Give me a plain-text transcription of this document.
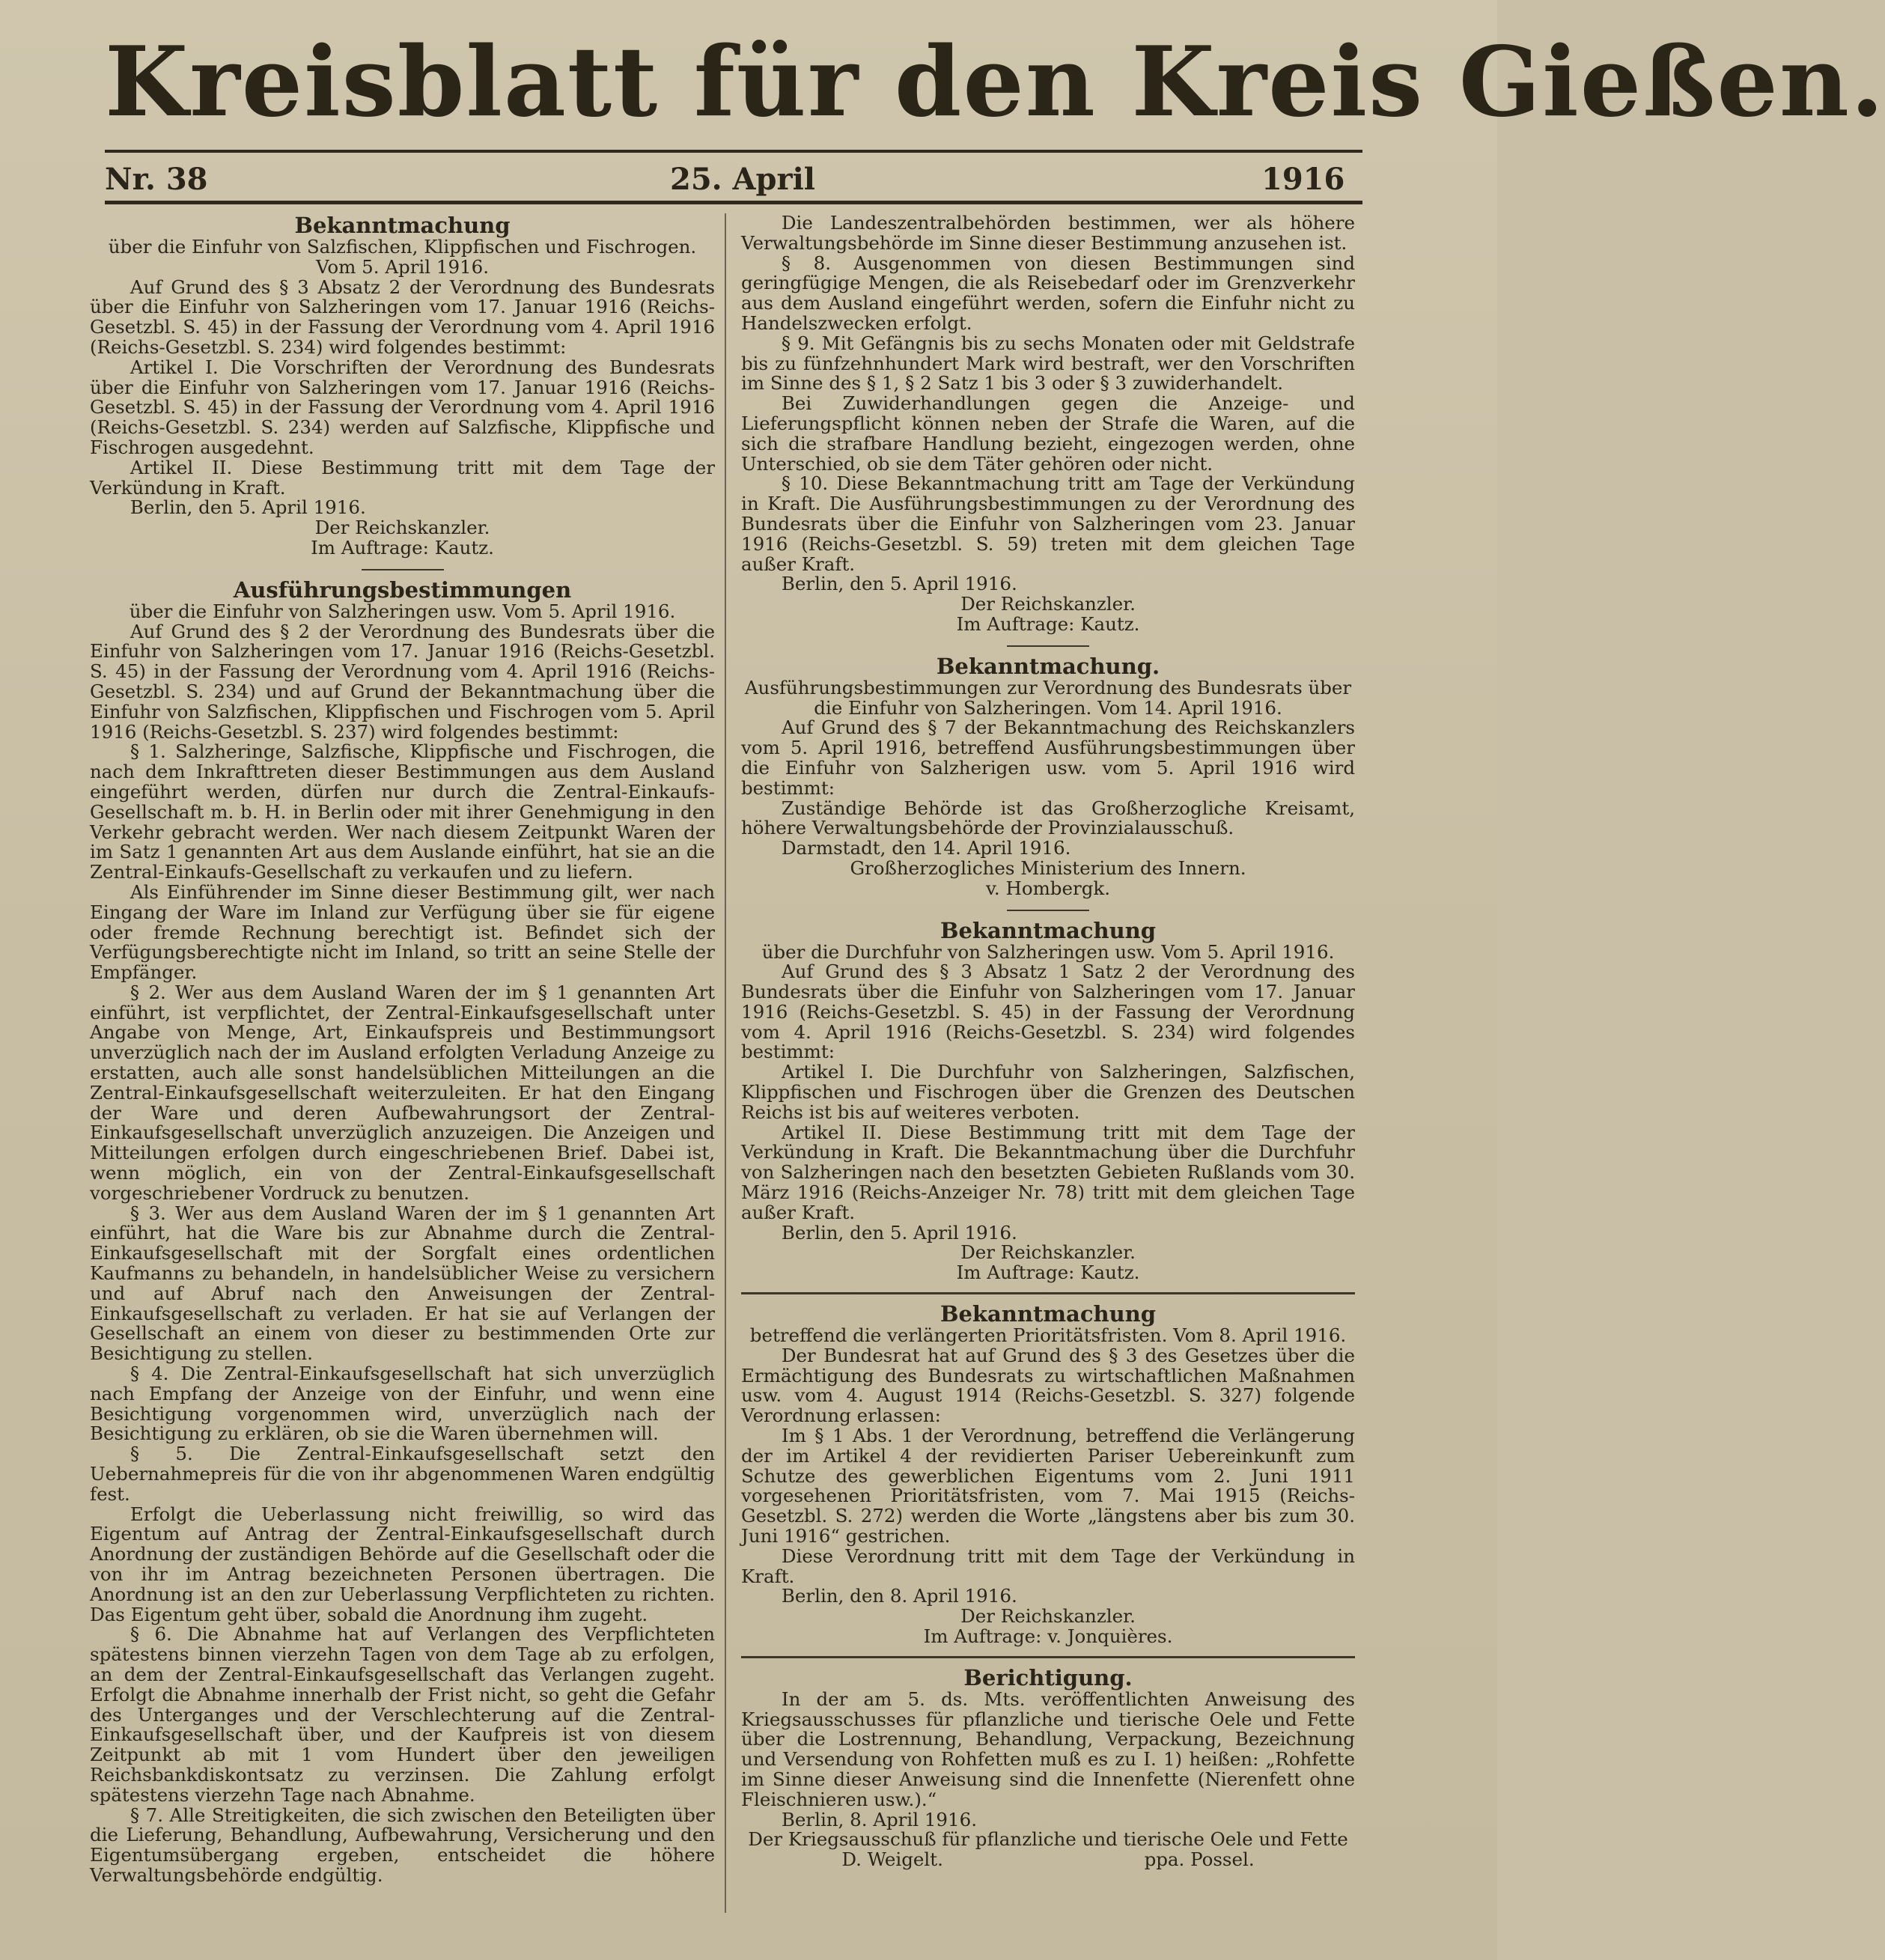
Kreisblatt für den Kreis Gießen.
Nr. 38	25. April	1916
Bekanntmachung

über die Einfuhr von Salzfischen, Klippfischen und Fischrogen. Vom 5. April 1916.

Auf Grund des § 3 Absatz 2 der Verordnung des Bundesrats über die Einfuhr von Salzheringen vom 17. Januar 1916 (Reichs-Gesetzbl. S. 45) in der Fassung der Verordnung vom 4. April 1916 (Reichs-Gesetzbl. S. 234) wird folgendes bestimmt:

Artikel I. Die Vorschriften der Verordnung des Bundesrats über die Einfuhr von Salzheringen vom 17. Januar 1916 (Reichs-Gesetzbl. S. 45) in der Fassung der Verordnung vom 4. April 1916 (Reichs-Gesetzbl. S. 234) werden auf Salzfische, Klippfische und Fischrogen ausgedehnt.

Artikel II. Diese Bestimmung tritt mit dem Tage der Verkündung in Kraft.

Berlin, den 5. April 1916.

Der Reichskanzler.

Im Auftrage: Kautz.

Ausführungsbestimmungen

über die Einfuhr von Salzheringen usw. Vom 5. April 1916.

Auf Grund des § 2 der Verordnung des Bundesrats über die Einfuhr von Salzheringen vom 17. Januar 1916 (Reichs-Gesetzbl. S. 45) in der Fassung der Verordnung vom 4. April 1916 (Reichs-Gesetzbl. S. 234) und auf Grund der Bekanntmachung über die Einfuhr von Salzfischen, Klippfischen und Fischrogen vom 5. April 1916 (Reichs-Gesetzbl. S. 237) wird folgendes bestimmt:

§ 1. Salzheringe, Salzfische, Klippfische und Fischrogen, die nach dem Inkrafttreten dieser Bestimmungen aus dem Ausland eingeführt werden, dürfen nur durch die Zentral-Einkaufs-Gesellschaft m. b. H. in Berlin oder mit ihrer Genehmigung in den Verkehr gebracht werden. Wer nach diesem Zeitpunkt Waren der im Satz 1 genannten Art aus dem Auslande einführt, hat sie an die Zentral-Einkaufs-Gesellschaft zu verkaufen und zu liefern.

Als Einführender im Sinne dieser Bestimmung gilt, wer nach Eingang der Ware im Inland zur Verfügung über sie für eigene oder fremde Rechnung berechtigt ist. Befindet sich der Verfügungsberechtigte nicht im Inland, so tritt an seine Stelle der Empfänger.

§ 2. Wer aus dem Ausland Waren der im § 1 genannten Art einführt, ist verpflichtet, der Zentral-Einkaufsgesellschaft unter Angabe von Menge, Art, Einkaufspreis und Bestimmungsort unverzüglich nach der im Ausland erfolgten Verladung Anzeige zu erstatten, auch alle sonst handelsüblichen Mitteilungen an die Zentral-Einkaufsgesellschaft weiterzuleiten. Er hat den Eingang der Ware und deren Aufbewahrungsort der Zentral-Einkaufsgesellschaft unverzüglich anzuzeigen. Die Anzeigen und Mitteilungen erfolgen durch eingeschriebenen Brief. Dabei ist, wenn möglich, ein von der Zentral-Einkaufsgesellschaft vorgeschriebener Vordruck zu benutzen.

§ 3. Wer aus dem Ausland Waren der im § 1 genannten Art einführt, hat die Ware bis zur Abnahme durch die Zentral-Einkaufsgesellschaft mit der Sorgfalt eines ordentlichen Kaufmanns zu behandeln, in handelsüblicher Weise zu versichern und auf Abruf nach den Anweisungen der Zentral-Einkaufsgesellschaft zu verladen. Er hat sie auf Verlangen der Gesellschaft an einem von dieser zu bestimmenden Orte zur Besichtigung zu stellen.

§ 4. Die Zentral-Einkaufsgesellschaft hat sich unverzüglich nach Empfang der Anzeige von der Einfuhr, und wenn eine Besichtigung vorgenommen wird, unverzüglich nach der Besichtigung zu erklären, ob sie die Waren übernehmen will.

§ 5. Die Zentral-Einkaufsgesellschaft setzt den Uebernahmepreis für die von ihr abgenommenen Waren endgültig fest.

Erfolgt die Ueberlassung nicht freiwillig, so wird das Eigentum auf Antrag der Zentral-Einkaufsgesellschaft durch Anordnung der zuständigen Behörde auf die Gesellschaft oder die von ihr im Antrag bezeichneten Personen übertragen. Die Anordnung ist an den zur Ueberlassung Verpflichteten zu richten. Das Eigentum geht über, sobald die Anordnung ihm zugeht.

§ 6. Die Abnahme hat auf Verlangen des Verpflichteten spätestens binnen vierzehn Tagen von dem Tage ab zu erfolgen, an dem der Zentral-Einkaufsgesellschaft das Verlangen zugeht. Erfolgt die Abnahme innerhalb der Frist nicht, so geht die Gefahr des Unterganges und der Verschlechterung auf die Zentral-Einkaufsgesellschaft über, und der Kaufpreis ist von diesem Zeitpunkt ab mit 1 vom Hundert über den jeweiligen Reichsbankdiskontsatz zu verzinsen. Die Zahlung erfolgt spätestens vierzehn Tage nach Abnahme.

§ 7. Alle Streitigkeiten, die sich zwischen den Beteiligten über die Lieferung, Behandlung, Aufbewahrung, Versicherung und den Eigentumsübergang ergeben, entscheidet die höhere Verwaltungsbehörde endgültig.

Die Landeszentralbehörden bestimmen, wer als höhere Verwaltungsbehörde im Sinne dieser Bestimmung anzusehen ist.

§ 8. Ausgenommen von diesen Bestimmungen sind geringfügige Mengen, die als Reisebedarf oder im Grenzverkehr aus dem Ausland eingeführt werden, sofern die Einfuhr nicht zu Handelszwecken erfolgt.

§ 9. Mit Gefängnis bis zu sechs Monaten oder mit Geldstrafe bis zu fünfzehnhundert Mark wird bestraft, wer den Vorschriften im Sinne des § 1, § 2 Satz 1 bis 3 oder § 3 zuwiderhandelt.

Bei Zuwiderhandlungen gegen die Anzeige- und Lieferungspflicht können neben der Strafe die Waren, auf die sich die strafbare Handlung bezieht, eingezogen werden, ohne Unterschied, ob sie dem Täter gehören oder nicht.

§ 10. Diese Bekanntmachung tritt am Tage der Verkündung in Kraft. Die Ausführungsbestimmungen zu der Verordnung des Bundesrats über die Einfuhr von Salzheringen vom 23. Januar 1916 (Reichs-Gesetzbl. S. 59) treten mit dem gleichen Tage außer Kraft.

Berlin, den 5. April 1916.

Der Reichskanzler.

Im Auftrage: Kautz.

Bekanntmachung.

Ausführungsbestimmungen zur Verordnung des Bundesrats über die Einfuhr von Salzheringen. Vom 14. April 1916.

Auf Grund des § 7 der Bekanntmachung des Reichskanzlers vom 5. April 1916, betreffend Ausführungsbestimmungen über die Einfuhr von Salzherigen usw. vom 5. April 1916 wird bestimmt:

Zuständige Behörde ist das Großherzogliche Kreisamt, höhere Verwaltungsbehörde der Provinzialausschuß.

Darmstadt, den 14. April 1916.

Großherzogliches Ministerium des Innern.

v. Hombergk.

Bekanntmachung

über die Durchfuhr von Salzheringen usw. Vom 5. April 1916.

Auf Grund des § 3 Absatz 1 Satz 2 der Verordnung des Bundesrats über die Einfuhr von Salzheringen vom 17. Januar 1916 (Reichs-Gesetzbl. S. 45) in der Fassung der Verordnung vom 4. April 1916 (Reichs-Gesetzbl. S. 234) wird folgendes bestimmt:

Artikel I. Die Durchfuhr von Salzheringen, Salzfischen, Klippfischen und Fischrogen über die Grenzen des Deutschen Reichs ist bis auf weiteres verboten.

Artikel II. Diese Bestimmung tritt mit dem Tage der Verkündung in Kraft. Die Bekanntmachung über die Durchfuhr von Salzheringen nach den besetzten Gebieten Rußlands vom 30. März 1916 (Reichs-Anzeiger Nr. 78) tritt mit dem gleichen Tage außer Kraft.

Berlin, den 5. April 1916.

Der Reichskanzler.

Im Auftrage: Kautz.

Bekanntmachung

betreffend die verlängerten Prioritätsfristen. Vom 8. April 1916.

Der Bundesrat hat auf Grund des § 3 des Gesetzes über die Ermächtigung des Bundesrats zu wirtschaftlichen Maßnahmen usw. vom 4. August 1914 (Reichs-Gesetzbl. S. 327) folgende Verordnung erlassen:

Im § 1 Abs. 1 der Verordnung, betreffend die Verlängerung der im Artikel 4 der revidierten Pariser Uebereinkunft zum Schutze des gewerblichen Eigentums vom 2. Juni 1911 vorgesehenen Prioritätsfristen, vom 7. Mai 1915 (Reichs-Gesetzbl. S. 272) werden die Worte „längstens aber bis zum 30. Juni 1916“ gestrichen.

Diese Verordnung tritt mit dem Tage der Verkündung in Kraft.

Berlin, den 8. April 1916.

Der Reichskanzler.

Im Auftrage: v. Jonquières.

Berichtigung.

In der am 5. ds. Mts. veröffentlichten Anweisung des Kriegsausschusses für pflanzliche und tierische Oele und Fette über die Lostrennung, Behandlung, Verpackung, Bezeichnung und Versendung von Rohfetten muß es zu I. 1) heißen: „Rohfette im Sinne dieser Anweisung sind die Innenfette (Nierenfett ohne Fleischnieren usw.).“

Berlin, 8. April 1916.

Der Kriegsausschuß für pflanzliche und tierische Oele und Fette

D. Weigelt.	ppa. Possel.
